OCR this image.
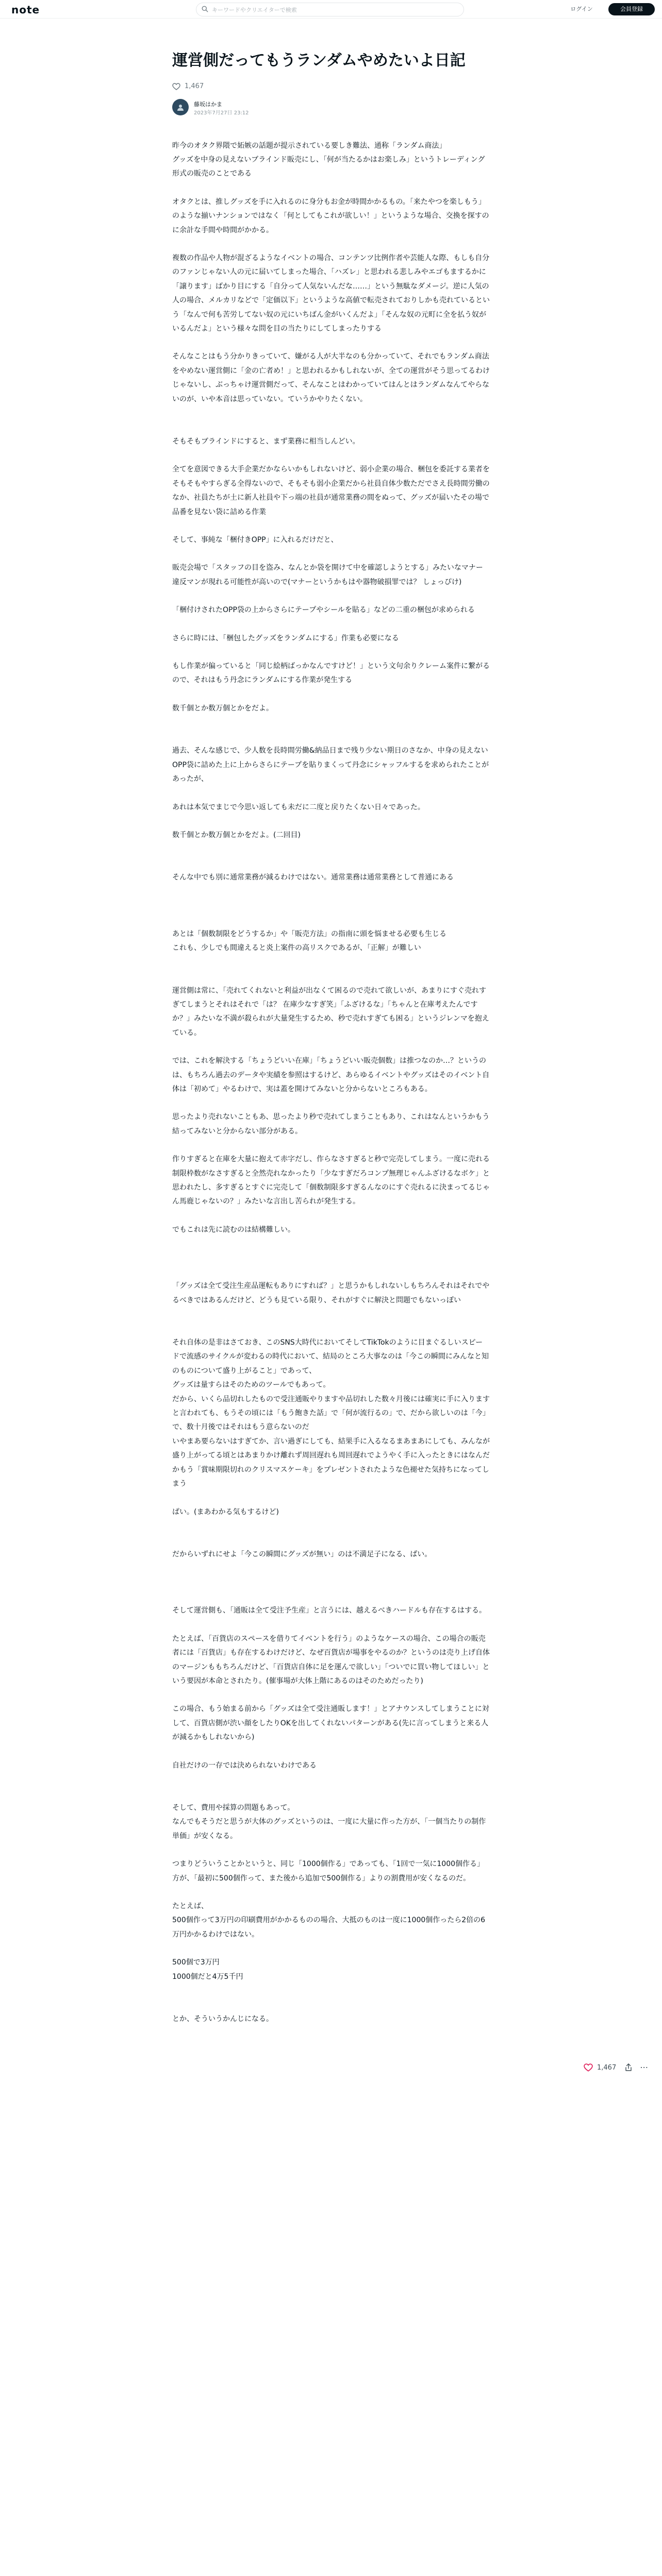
note
キーワードやクリエイターで検索	ログイン	会員登録
運営側だってもうランダムやめたいよ日記
1,467
藤坂はかま
2023年7月27日 23:12

昨今のオタク界隈で妬嫉の話題が提示されている要しき難法、通称「ランダム商法」

グッズを中身の見えないブラインド販売にし、「何が当たるかはお楽しみ」というトレーディング形式の販売のことである

オタクとは、推しグッズを手に入れるのに身分もお金が時間かかるもの。「来たやつを楽しもう」のような揃いナンションではなく「何としてもこれが欲しい！」というような場合、交換を探すのに余計な手間や時間がかかる。

複数の作品や人物が混ざるようなイベントの場合、コンテンツ比例作者や芸能人な際、もしも自分のファンじゃない人の元に届いてしまった場合、「ハズレ」と思われる悲しみやエゴもまするかに「譲ります」ばかり目にする「自分って人気ないんだな……」という無駄なダメージ。逆に人気の人の場合、メルカリなどで「定価以下」というような高値で転売されておりしかも売れているという「なんで何も苦労してない奴の元にいちばん金がいくんだよ」「そんな奴の元町に全を払う奴がいるんだよ」という様々な問を目の当たりにしてしまったりする

そんなことはもう分かりきっていて、嫌がる人が大半なのも分かっていて、それでもランダム商法をやめない運営側に「金の亡者め！」と思われるかもしれないが、全ての運営がそう思ってるわけじゃないし、ぶっちゃけ運営側だって、そんなことはわかっていてはんとはランダムなんてやらないのが、いや本音は思っていない。ていうかやりたくない。

そもそもブラインドにすると、まず業務に相当しんどい。

全てを意図できる大手企業だかならいかもしれないけど、弱小企業の場合、梱包を委託する業者をそもそもやすらぎる全得ないので、そもそも弱小企業だから社員自体少数ただでさえ長時間労働のなか、社員たちが土に新人社員や下っ端の社員が通常業務の間をぬって、グッズが届いたその場で品番を見ない袋に詰める作業

そして、事純な「梱付きOPP」に入れるだけだと、

販売会場で「スタッフの目を盗み、なんとか袋を開けて中を確認しようとする」みたいなマナー違反マンが現れる可能性が高いので(マナーというかもはや器物破損罪では？ しょっぴけ)

「梱付けされたOPP袋の上からさらにテープやシールを貼る」などの二重の梱包が求められる

さらに時には、「梱包したグッズをランダムにする」作業も必要になる

もし作業が偏っていると「同じ絵柄ばっかなんですけど！」という文句余りクレーム案件に繋がるので、それはもう丹念にランダムにする作業が発生する

数千個とか数万個とかをだよ。

過去、そんな感じで、少人数を長時間労働&納品日まで残り少ない期日のさなか、中身の見えないOPP袋に詰めた上に上からさらにテープを貼りまくって丹念にシャッフルするを求められたことがあったが、

あれは本気でまじで今思い返しても未だに二度と戻りたくない日々であった。

数千個とか数万個とかをだよ。(二回目)

そんな中でも別に通常業務が減るわけではない。通常業務は通常業務として普通にある

あとは「個数制限をどうするか」や「販売方法」の指南に頭を悩ませる必要も生じる

これも、少しでも間違えると炎上案件の高リスクであるが、「正解」が難しい

運営側は常に、「売れてくれないと利益が出なくて困るので売れて欲しいが、あまりにすぐ売れすぎてしまうとそれはそれで「は？ 在庫少なすぎ笑」「ふざけるな」「ちゃんと在庫考えたんですか？」みたいな不満が殺られが大量発生するため、秒で売れすぎても困る」というジレンマを抱えている。

では、これを解決する「ちょうどいい在庫」「ちょうどいい販売個数」は推つなのか…？というのは、もちろん過去のデータや実績を参照はするけど、あらゆるイベントやグッズはそのイベント自体は「初めて」やるわけで、実は蓋を開けてみないと分からないところもある。

思ったより売れないこともあ、思ったより秒で売れてしまうこともあり、これはなんというかもう結ってみないと分からない部分がある。

作りすぎると在庫を大量に抱えて赤字だし、作らなさすぎると秒で完売してしまう。一度に売れる制限枠数がなさすぎると全然売れなかったり「少なすぎだろコンプ無理じゃんふざけるなボケ」と思われたし、多すぎるとすぐに完売して「個数制限多すぎるんなのにすぐ売れるに決まってるじゃん馬鹿じゃないの？」みたいな言出し苦られが発生する。

でもこれは先に読むのは結構難しい。

「グッズは全て受注生産品運転もありにすれば？」と思うかもしれないしもちろんそれはそれでやるべきではあるんだけど、どうも見ている限り、それがすぐに解決と問題でもないっぽい

それ自体の是非はさておき、このSNS大時代においてそしてTikTokのように目まぐるしいスピードで流感のサイクルが変わるの時代において、結局のところ大事なのは「今この瞬間にみんなと知のものについて盛り上がること」であって、

グッズは量すらはそのためのツールでもあって。

だから、いくら品切れしたもので受注通販やりますや品切れした数々月後には確実に手に入りますと言われても、もうその頃には「もう飽きた話」で「何が流行るの」で、だから欲しいのは「今」で、数十月後ではそれはもう意らないのだ

いやまあ要らないはすぎてか、言い過ぎにしても、結果手に入るなるまあまあにしても、みんなが盛り上がってる頃とはあまりかけ離れず周回遅れも周回遅れでようやく手に入ったときにはなんだかもう「賞味期限切れのクリスマスケーキ」をプレゼントされたような色褪せた気持ちになってしまう

ぱい。(まあわかる気もするけど)

だからいずれにせよ「今この瞬間にグッズが無い」のは不満足子になる、ぱい。

そして運営側も、「通販は全て受注予生産」と言うには、越えるべきハードルも存在するはする。

たとえば、「百貨店のスペースを借りてイベントを行う」のようなケースの場合、この場合の販売者には「百貨店」も存在するわけだけど、なぜ百貨店が場事をやるのか？というのは売り上げ自体のマージンももちろんだけど、「百貨店自体に足を運んで欲しい」「ついでに買い物してほしい」という要因が本命とされたり。(催事場が大体上階にあるのはそのためだったり)

この場合、もう始まる前から「グッズは全て受注通販します！」とアナウンスしてしまうことに対して、百貨店側が渋い顔をしたりOKを出してくれないパターンがある(先に言ってしまうと来る人が減るかもしれないから)

自社だけの一存では決められないわけである

そして、費用や採算の問題もあって。

なんでもそうだと思うが大体のグッズというのは、一度に大量に作った方が、「一個当たりの制作単価」が安くなる。

つまりどういうことかというと、同じ「1000個作る」であっても、「1回で一気に1000個作る」方が、「最初に500個作って、また後から追加で500個作る」よりの割費用が安くなるのだ。

たとえば、

500個作って3万円の印刷費用がかかるものの場合、大抵のものは一度に1000個作ったら2倍の6万円かかるわけではない。

500個で3万円

1000個だと4万5千円

とか、そういうかんじになる。

1,467	⋯
